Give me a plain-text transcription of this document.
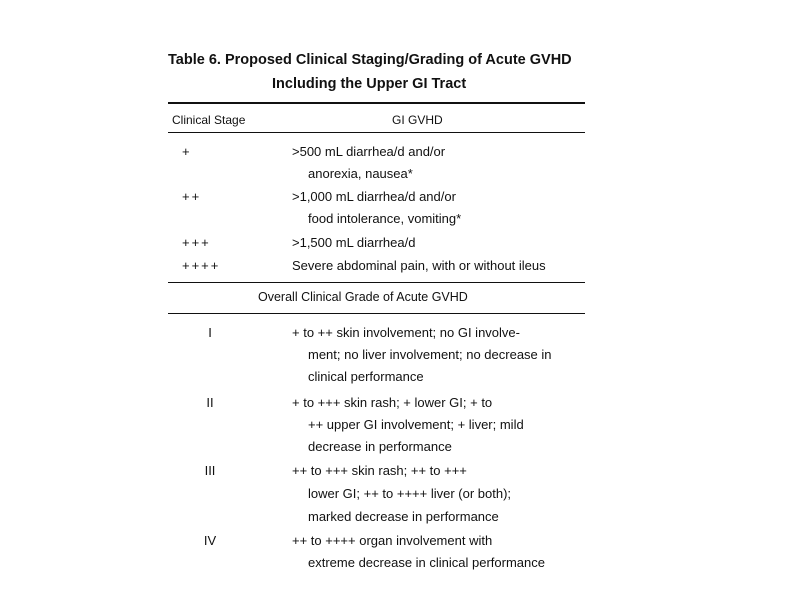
Table 6. Proposed Clinical Staging/Grading of Acute GVHD
Including the Upper GI Tract
Clinical Stage	GI GVHD
+	>500 mL diarrhea/d and/or
anorexia, nausea*
++	>1,000 mL diarrhea/d and/or
food intolerance, vomiting*
+++	>1,500 mL diarrhea/d
++++	Severe abdominal pain, with or without ileus
Overall Clinical Grade of Acute GVHD
I	+ to ++ skin involvement; no GI involve-
ment; no liver involvement; no decrease in
clinical performance
II	+ to +++ skin rash; + lower GI; + to
++ upper GI involvement; + liver; mild
decrease in performance
III	++ to +++ skin rash; ++ to +++
lower GI; ++ to ++++ liver (or both);
marked decrease in performance
IV	++ to ++++ organ involvement with
extreme decrease in clinical performance
